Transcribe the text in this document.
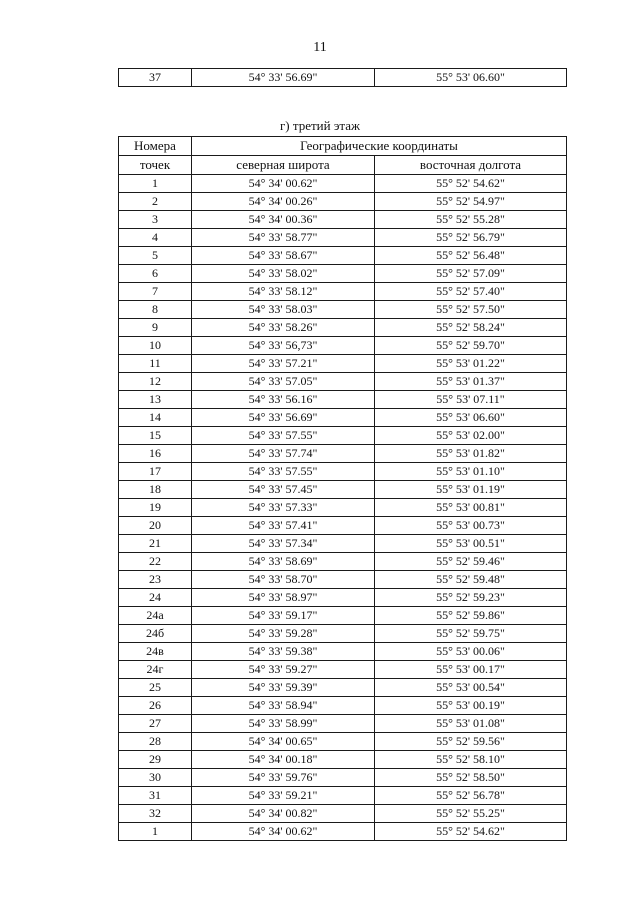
11
37	54° 33' 56.69"	55° 53' 06.60"
г) третий этаж
Номера	Географические координаты	
точек	северная широта	восточная долгота
1	54° 34' 00.62"	55° 52' 54.62"
2	54° 34' 00.26"	55° 52' 54.97"
3	54° 34' 00.36"	55° 52' 55.28"
4	54° 33' 58.77"	55° 52' 56.79"
5	54° 33' 58.67"	55° 52' 56.48"
6	54° 33' 58.02"	55° 52' 57.09"
7	54° 33' 58.12"	55° 52' 57.40"
8	54° 33' 58.03"	55° 52' 57.50"
9	54° 33' 58.26"	55° 52' 58.24"
10	54° 33' 56,73"	55° 52' 59.70"
11	54° 33' 57.21"	55° 53' 01.22"
12	54° 33' 57.05"	55° 53' 01.37"
13	54° 33' 56.16"	55° 53' 07.11"
14	54° 33' 56.69"	55° 53' 06.60"
15	54° 33' 57.55"	55° 53' 02.00"
16	54° 33' 57.74"	55° 53' 01.82"
17	54° 33' 57.55"	55° 53' 01.10"
18	54° 33' 57.45"	55° 53' 01.19"
19	54° 33' 57.33"	55° 53' 00.81"
20	54° 33' 57.41"	55° 53' 00.73"
21	54° 33' 57.34"	55° 53' 00.51"
22	54° 33' 58.69"	55° 52' 59.46"
23	54° 33' 58.70"	55° 52' 59.48"
24	54° 33' 58.97"	55° 52' 59.23"
24а	54° 33' 59.17"	55° 52' 59.86"
24б	54° 33' 59.28"	55° 52' 59.75"
24в	54° 33' 59.38"	55° 53' 00.06"
24г	54° 33' 59.27"	55° 53' 00.17"
25	54° 33' 59.39"	55° 53' 00.54"
26	54° 33' 58.94"	55° 53' 00.19"
27	54° 33' 58.99"	55° 53' 01.08"
28	54° 34' 00.65"	55° 52' 59.56"
29	54° 34' 00.18"	55° 52' 58.10"
30	54° 33' 59.76"	55° 52' 58.50"
31	54° 33' 59.21"	55° 52' 56.78"
32	54° 34' 00.82"	55° 52' 55.25"
1	54° 34' 00.62"	55° 52' 54.62"
